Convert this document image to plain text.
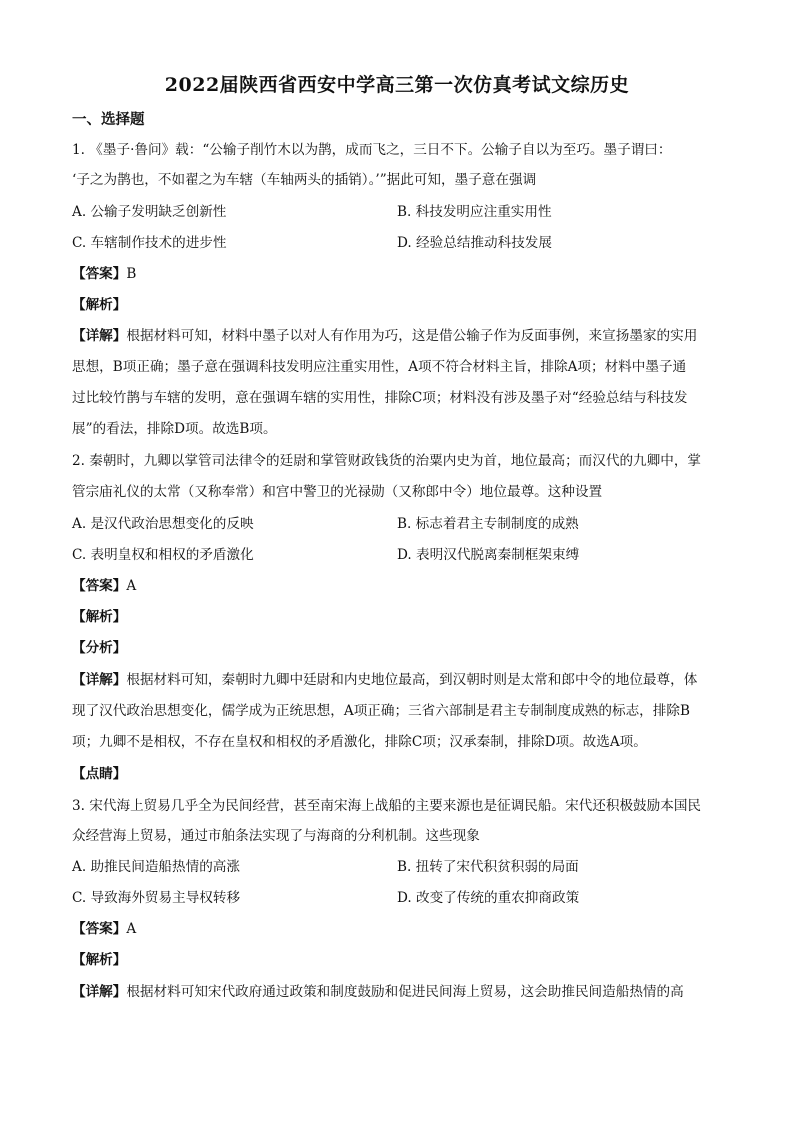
2022届陕西省西安中学高三第一次仿真考试文综历史
一、选择题
1. 《墨子·鲁问》载：“公输子削竹木以为鹊，成而飞之，三日不下。公输子自以为至巧。墨子谓曰：
‘子之为鹊也，不如翟之为车辖（车轴两头的插销）。’”据此可知，墨子意在强调
A. 公输子发明缺乏创新性	B. 科技发明应注重实用性
C. 车辖制作技术的进步性	D. 经验总结推动科技发展
【答案】B
【解析】
【详解】根据材料可知，材料中墨子以对人有作用为巧，这是借公输子作为反面事例，来宣扬墨家的实用
思想，B项正确；墨子意在强调科技发明应注重实用性，A项不符合材料主旨，排除A项；材料中墨子通
过比较竹鹊与车辖的发明，意在强调车辖的实用性，排除C项；材料没有涉及墨子对“经验总结与科技发
展”的看法，排除D项。故选B项。
2. 秦朝时，九卿以掌管司法律令的廷尉和掌管财政钱货的治粟内史为首，地位最高；而汉代的九卿中，掌
管宗庙礼仪的太常（又称奉常）和宫中警卫的光禄勋（又称郎中令）地位最尊。这种设置
A. 是汉代政治思想变化的反映	B. 标志着君主专制制度的成熟
C. 表明皇权和相权的矛盾激化	D. 表明汉代脱离秦制框架束缚
【答案】A
【解析】
【分析】
【详解】根据材料可知，秦朝时九卿中廷尉和内史地位最高，到汉朝时则是太常和郎中令的地位最尊，体
现了汉代政治思想变化，儒学成为正统思想，A项正确；三省六部制是君主专制制度成熟的标志，排除B
项；九卿不是相权，不存在皇权和相权的矛盾激化，排除C项；汉承秦制，排除D项。故选A项。
【点睛】
3. 宋代海上贸易几乎全为民间经营，甚至南宋海上战船的主要来源也是征调民船。宋代还积极鼓励本国民
众经营海上贸易，通过市舶条法实现了与海商的分利机制。这些现象
A. 助推民间造船热情的高涨	B. 扭转了宋代积贫积弱的局面
C. 导致海外贸易主导权转移	D. 改变了传统的重农抑商政策
【答案】A
【解析】
【详解】根据材料可知宋代政府通过政策和制度鼓励和促进民间海上贸易，这会助推民间造船热情的高
